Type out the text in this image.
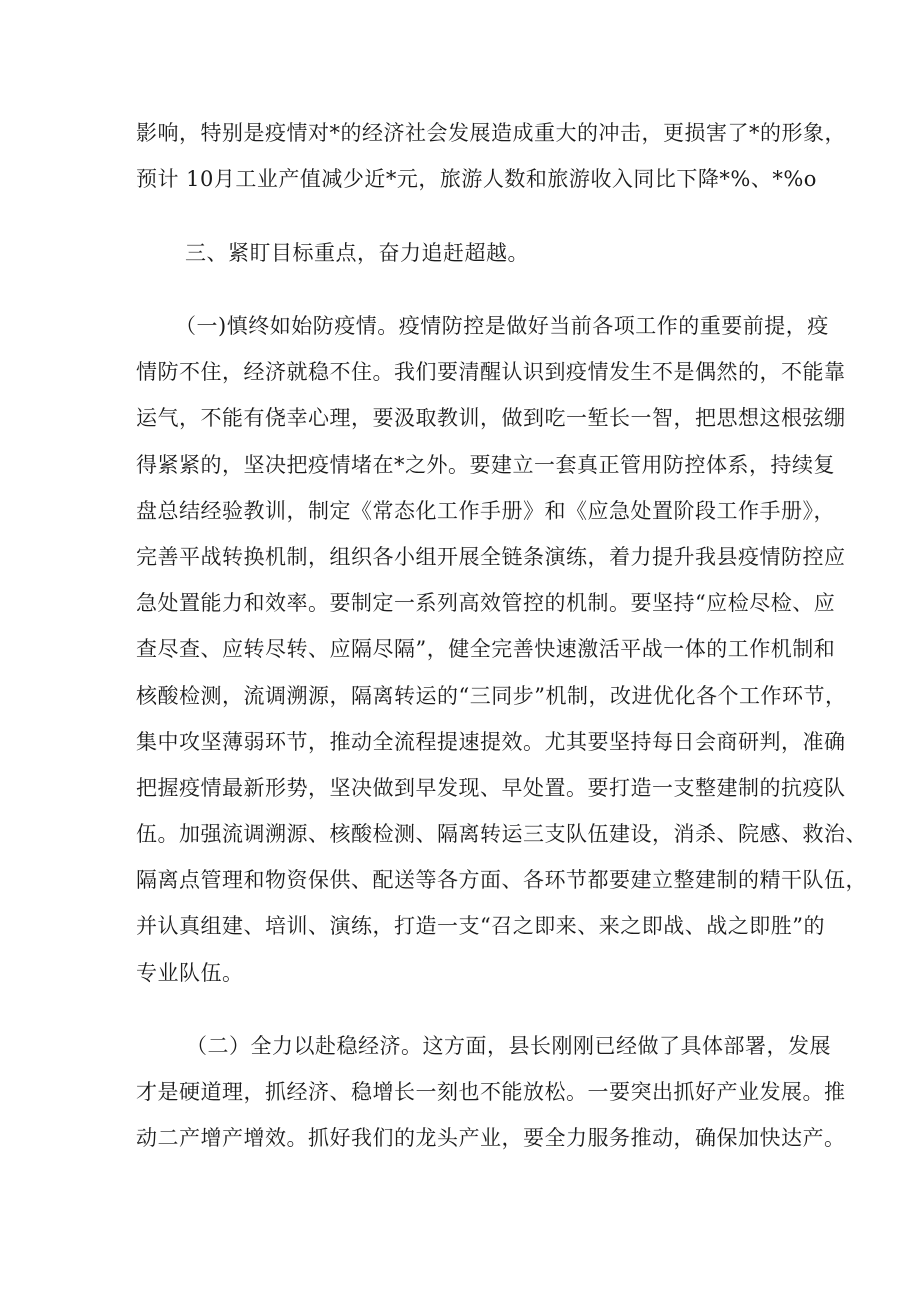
影响，特别是疫情对*的经济社会发展造成重大的冲击，更损害了*的形象，
预计 10月工业产值减少近*元，旅游人数和旅游收入同比下降*%、*%o
三、紧盯目标重点，奋力追赶超越。
（一)慎终如始防疫情。疫情防控是做好当前各项工作的重要前提，疫
情防不住，经济就稳不住。我们要清醒认识到疫情发生不是偶然的，不能靠
运气，不能有侥幸心理，要汲取教训，做到吃一堑长一智，把思想这根弦绷
得紧紧的，坚决把疫情堵在*之外。要建立一套真正管用防控体系，持续复
盘总结经验教训，制定《常态化工作手册》和《应急处置阶段工作手册》，
完善平战转换机制，组织各小组开展全链条演练，着力提升我县疫情防控应
急处置能力和效率。要制定一系列高效管控的机制。要坚持“应检尽检、应
查尽查、应转尽转、应隔尽隔”，健全完善快速激活平战一体的工作机制和
核酸检测，流调溯源，隔离转运的“三同步”机制，改进优化各个工作环节，
集中攻坚薄弱环节，推动全流程提速提效。尤其要坚持每日会商研判，准确
把握疫情最新形势，坚决做到早发现、早处置。要打造一支整建制的抗疫队
伍。加强流调溯源、核酸检测、隔离转运三支队伍建设，消杀、院感、救治、
隔离点管理和物资保供、配送等各方面、各环节都要建立整建制的精干队伍，
并认真组建、培训、演练，打造一支“召之即来、来之即战、战之即胜”的
专业队伍。
（二）全力以赴稳经济。这方面，县长刚刚已经做了具体部署，发展
才是硬道理，抓经济、稳增长一刻也不能放松。一要突出抓好产业发展。推
动二产增产增效。抓好我们的龙头产业，要全力服务推动，确保加快达产。
